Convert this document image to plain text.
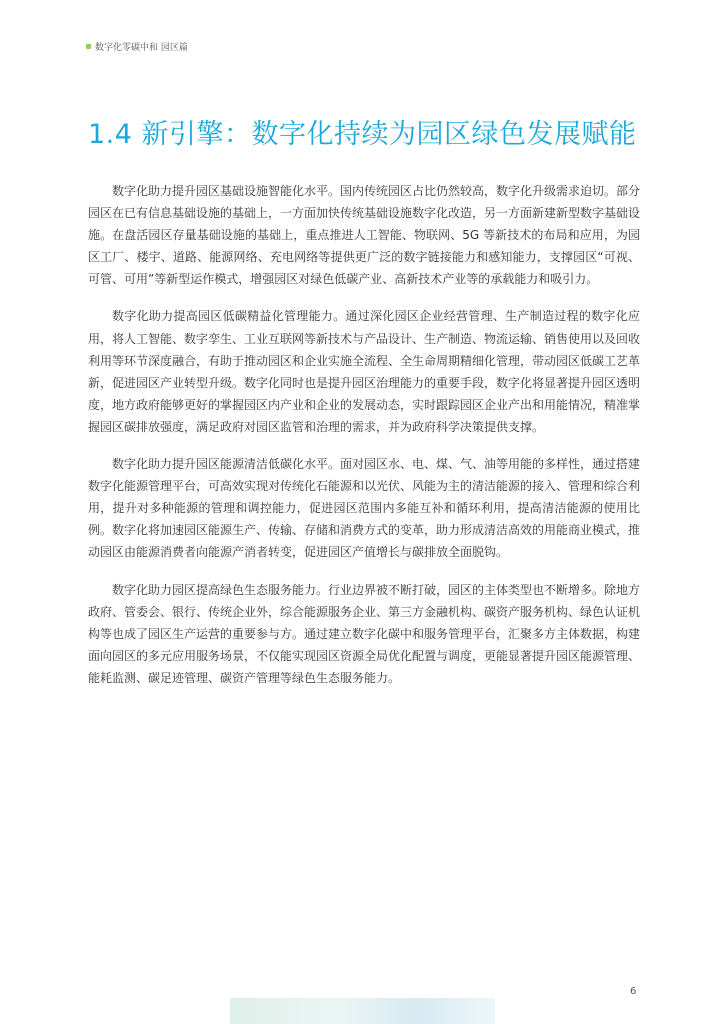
数字化零碳中和 园区篇
1.4 新引擎：数字化持续为园区绿色发展赋能

数字化助力提升园区基础设施智能化水平。国内传统园区占比仍然较高，数字化升级需求迫切。部分园区在已有信息基础设施的基础上，一方面加快传统基础设施数字化改造，另一方面新建新型数字基础设施。在盘活园区存量基础设施的基础上，重点推进人工智能、物联网、5G 等新技术的布局和应用，为园区工厂、楼宇、道路、能源网络、充电网络等提供更广泛的数字链接能力和感知能力，支撑园区“可视、可管、可用”等新型运作模式，增强园区对绿色低碳产业、高新技术产业等的承载能力和吸引力。

数字化助力提高园区低碳精益化管理能力。通过深化园区企业经营管理、生产制造过程的数字化应用，将人工智能、数字孪生、工业互联网等新技术与产品设计、生产制造、物流运输、销售使用以及回收利用等环节深度融合，有助于推动园区和企业实施全流程、全生命周期精细化管理，带动园区低碳工艺革新，促进园区产业转型升级。数字化同时也是提升园区治理能力的重要手段，数字化将显著提升园区透明度，地方政府能够更好的掌握园区内产业和企业的发展动态，实时跟踪园区企业产出和用能情况，精准掌握园区碳排放强度，满足政府对园区监管和治理的需求，并为政府科学决策提供支撑。

数字化助力提升园区能源清洁低碳化水平。面对园区水、电、煤、气、油等用能的多样性，通过搭建数字化能源管理平台，可高效实现对传统化石能源和以光伏、风能为主的清洁能源的接入、管理和综合利用，提升对多种能源的管理和调控能力，促进园区范围内多能互补和循环利用，提高清洁能源的使用比例。数字化将加速园区能源生产、传输、存储和消费方式的变革，助力形成清洁高效的用能商业模式，推动园区由能源消费者向能源产消者转变，促进园区产值增长与碳排放全面脱钩。

数字化助力园区提高绿色生态服务能力。行业边界被不断打破，园区的主体类型也不断增多。除地方政府、管委会、银行、传统企业外，综合能源服务企业、第三方金融机构、碳资产服务机构、绿色认证机构等也成了园区生产运营的重要参与方。通过建立数字化碳中和服务管理平台，汇聚多方主体数据，构建面向园区的多元应用服务场景，不仅能实现园区资源全局优化配置与调度，更能显著提升园区能源管理、能耗监测、碳足迹管理、碳资产管理等绿色生态服务能力。

6
